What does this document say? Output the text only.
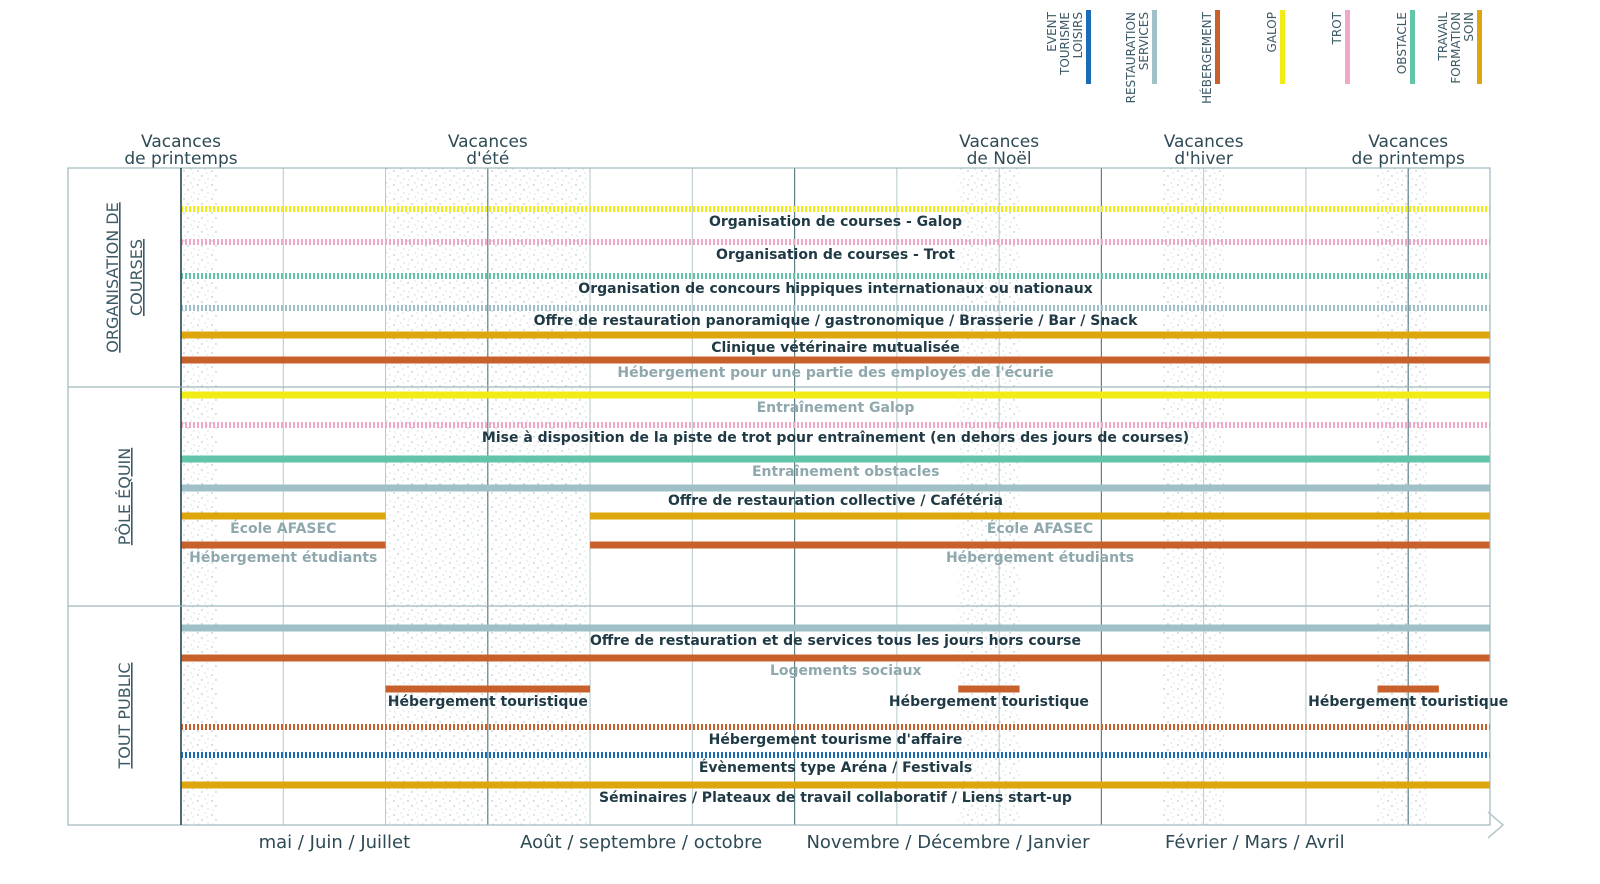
Vacances de printemps
Vacances d'été
Vacances de Noël
Vacances d'hiver
Vacances de printemps
Organisation de courses - Galop
Organisation de courses - Trot
Organisation de concours hippiques internationaux ou nationaux
Offre de restauration panoramique / gastronomique / Brasserie / Bar / Snack
Clinique vétérinaire mutualisée
Hébergement pour une partie des employés de l'écurie
Entraînement Galop
Mise à disposition de la piste de trot pour entraînement (en dehors des jours de courses)
Entraînement obstacles
Offre de restauration collective / Cafétéria
École AFASEC	École AFASEC
Hébergement étudiants	Hébergement étudiants
Offre de restauration et de services tous les jours hors course
Logements sociaux
Hébergement touristique	Hébergement touristique	Hébergement touristique
Hébergement tourisme d'affaire
Évènements type Aréna / Festivals
Séminaires / Plateaux de travail collaboratif / Liens start-up
ORGANISATION DE COURSES
PÔLE ÉQUIN
TOUT PUBLIC
mai / Juin / Juillet	Août / septembre / octobre Novembre / Décembre / Janvier	Février / Mars / Avril
EVENT TOURISME LOISIRS	RESTAURATION SERVICES	HÉBERGEMENT	GALOP	TROT	OBSTACLE TRAVAIL FORMATION SOIN
